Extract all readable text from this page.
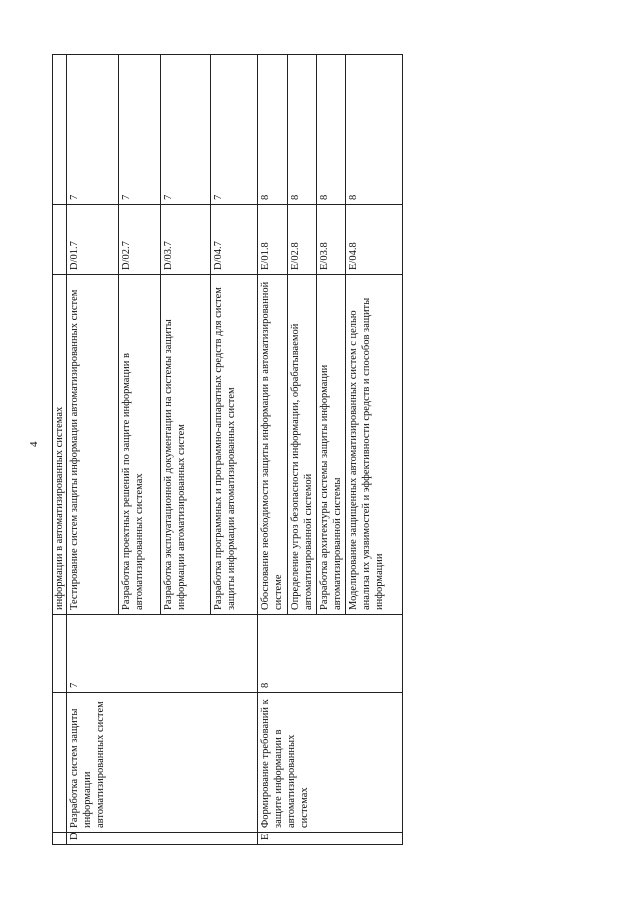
4
			информации в автоматизированных системах		
D	Разработка систем защиты информации автоматизированных систем	7	Тестирование систем защиты информации автоматизированных систем	D/01.7	7
			Разработка проектных решений по защите информации в автоматизированных системах	D/02.7	7
			Разработка эксплуатационной документации на системы защиты информации автоматизированных систем	D/03.7	7
			Разработка программных и программно-аппаратных средств для систем защиты информации автоматизированных систем	D/04.7	7
E	Формирование требований к защите информации в автоматизированных системах	8	Обоснование необходимости защиты информации в автоматизированной системе	E/01.8	8
			Определение угроз безопасности информации, обрабатываемой автоматизированной системой	E/02.8	8
			Разработка архитектуры системы защиты информации автоматизированной системы	E/03.8	8
			Моделирование защищенных автоматизированных систем с целью анализа их уязвимостей и эффективности средств и способов защиты информации	E/04.8	8
